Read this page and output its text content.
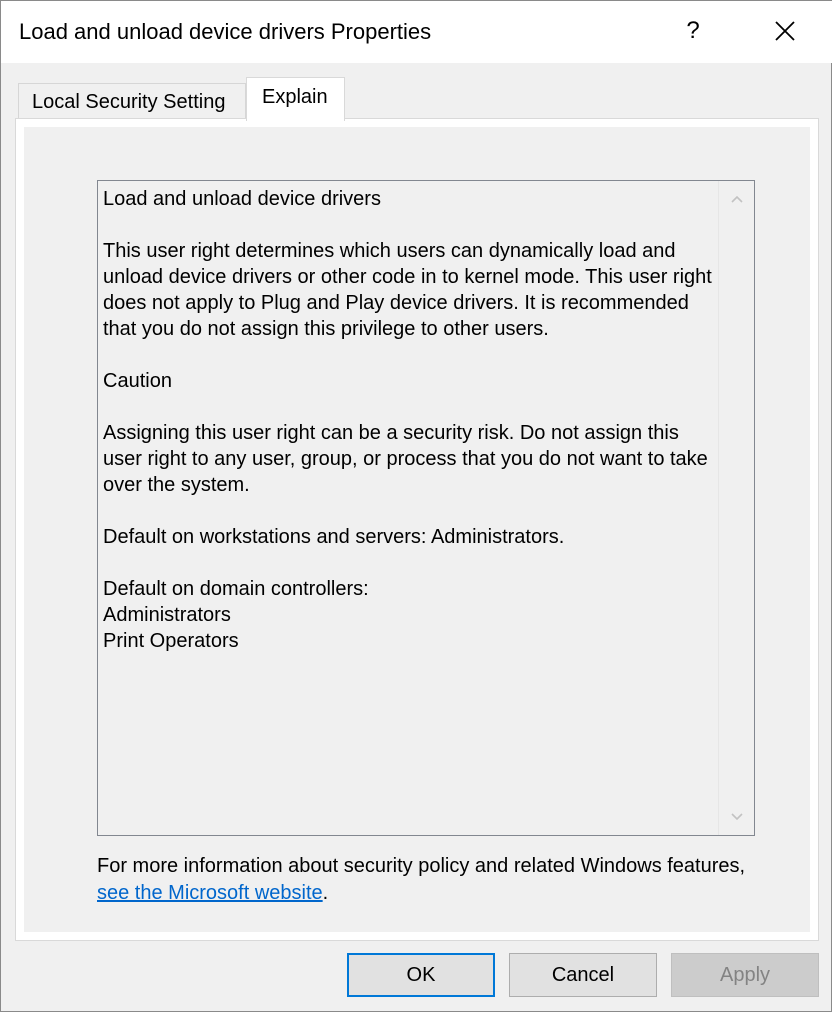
Load and unload device drivers Properties	?
Local Security Setting	Explain

Load and unload device drivers

This user right determines which users can dynamically load and unload device drivers or other code in to kernel mode. This user right does not apply to Plug and Play device drivers. It is recommended that you do not assign this privilege to other users.

Caution

Assigning this user right can be a security risk. Do not assign this user right to any user, group, or process that you do not want to take over the system.

Default on workstations and servers: Administrators.

Default on domain controllers:

Administrators

Print Operators

For more information about security policy and related Windows features, see the Microsoft website.
OK	Cancel	Apply
